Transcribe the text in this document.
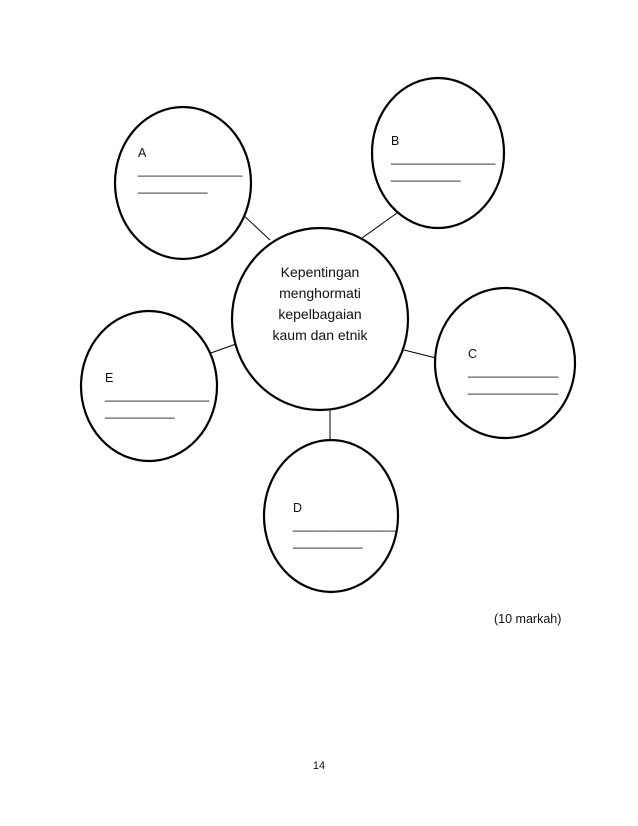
Kepentingan
menghormati
kepelbagaian
kaum dan etnik
A
_______________
__________
B
_______________
__________
C
_____________
_____________
D
_______________
__________
E
_______________
__________
(10 markah)
14
